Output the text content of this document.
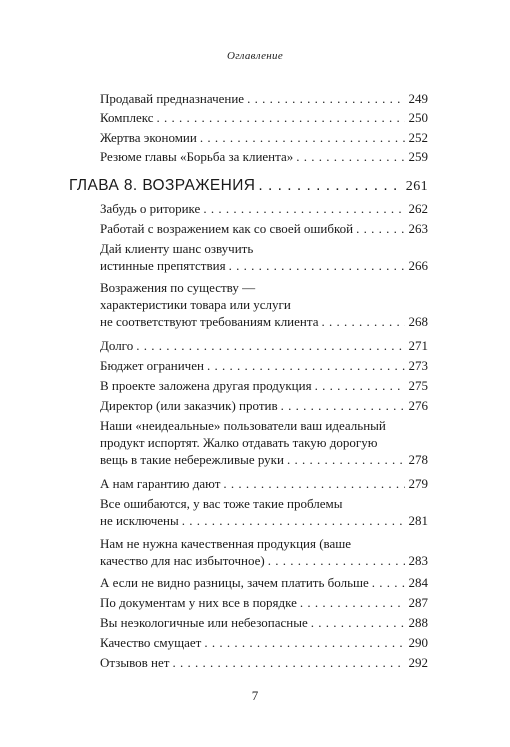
Оглавление
Продавай предназначение . . .	249
Комплекс . . .	250
Жертва экономии . . .	252
Резюме главы «Борьба за клиента» . . .	259
ГЛАВА 8. ВОЗРАЖЕНИЯ . . .	261
Забудь о риторике . . .	262
Работай с возражением как со своей ошибкой . . .	263
Дай клиенту шанс озвучить
истинные препятствия . . .	266
Возражения по существу —
характеристики товара или услуги
не соответствуют требованиям клиента . . .	268
Долго . . .	271
Бюджет ограничен . . .	273
В проекте заложена другая продукция . . .	275
Директор (или заказчик) против . . .	276
Наши «неидеальные» пользователи ваш идеальный
продукт испортят. Жалко отдавать такую дорогую
вещь в такие небережливые руки . . .	278
А нам гарантию дают . . .	279
Все ошибаются, у вас тоже такие проблемы
не исключены . . .	281
Нам не нужна качественная продукция (ваше
качество для нас избыточное) . . .	283
А если не видно разницы, зачем платить больше . . .	284
По документам у них все в порядке . . .	287
Вы неэкологичные или небезопасные . . .	288
Качество смущает . . .	290
Отзывов нет . . .	292
7
